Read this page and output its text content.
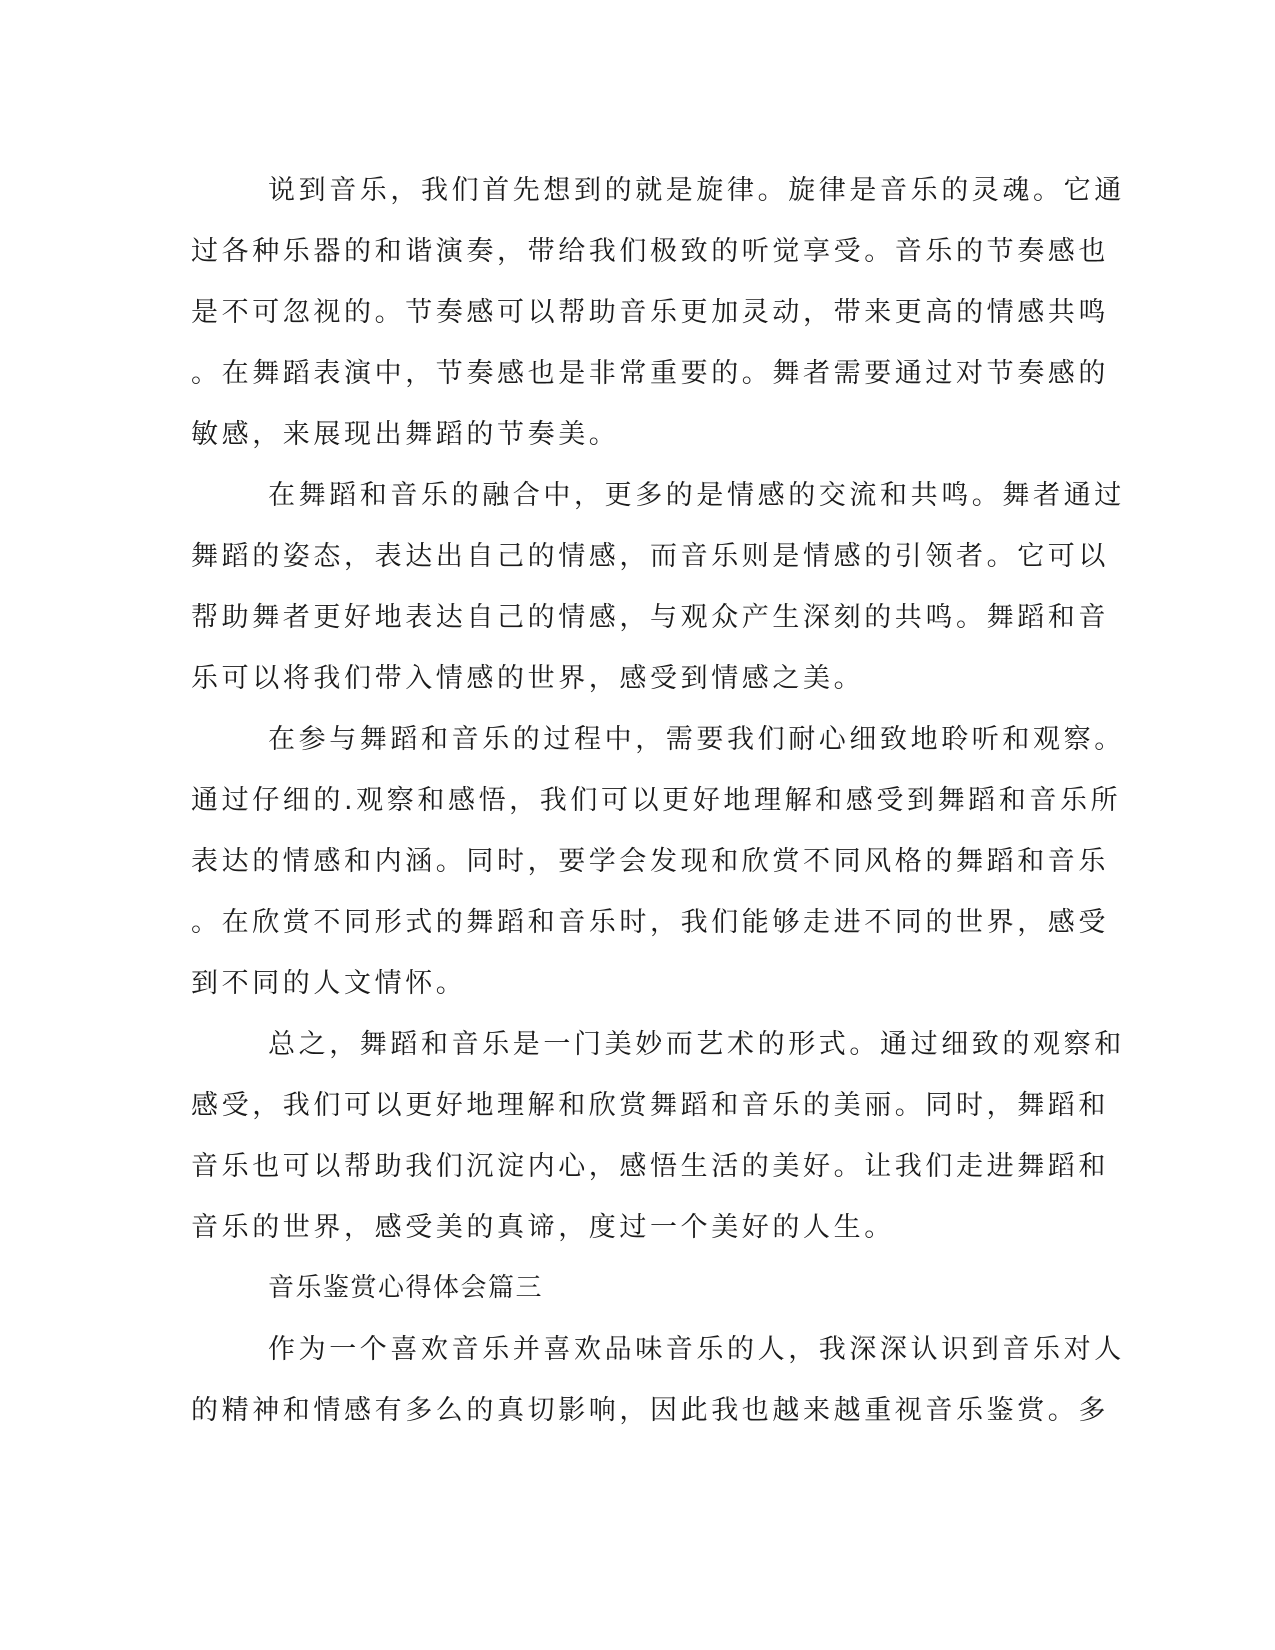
说到音乐，我们首先想到的就是旋律。旋律是音乐的灵魂。它通
过各种乐器的和谐演奏，带给我们极致的听觉享受。音乐的节奏感也
是不可忽视的。节奏感可以帮助音乐更加灵动，带来更高的情感共鸣
。在舞蹈表演中，节奏感也是非常重要的。舞者需要通过对节奏感的
敏感，来展现出舞蹈的节奏美。
在舞蹈和音乐的融合中，更多的是情感的交流和共鸣。舞者通过
舞蹈的姿态，表达出自己的情感，而音乐则是情感的引领者。它可以
帮助舞者更好地表达自己的情感，与观众产生深刻的共鸣。舞蹈和音
乐可以将我们带入情感的世界，感受到情感之美。
在参与舞蹈和音乐的过程中，需要我们耐心细致地聆听和观察。
通过仔细的.观察和感悟，我们可以更好地理解和感受到舞蹈和音乐所
表达的情感和内涵。同时，要学会发现和欣赏不同风格的舞蹈和音乐
。在欣赏不同形式的舞蹈和音乐时，我们能够走进不同的世界，感受
到不同的人文情怀。
总之，舞蹈和音乐是一门美妙而艺术的形式。通过细致的观察和
感受，我们可以更好地理解和欣赏舞蹈和音乐的美丽。同时，舞蹈和
音乐也可以帮助我们沉淀内心，感悟生活的美好。让我们走进舞蹈和
音乐的世界，感受美的真谛，度过一个美好的人生。
音乐鉴赏心得体会篇三
作为一个喜欢音乐并喜欢品味音乐的人，我深深认识到音乐对人
的精神和情感有多么的真切影响，因此我也越来越重视音乐鉴赏。多
